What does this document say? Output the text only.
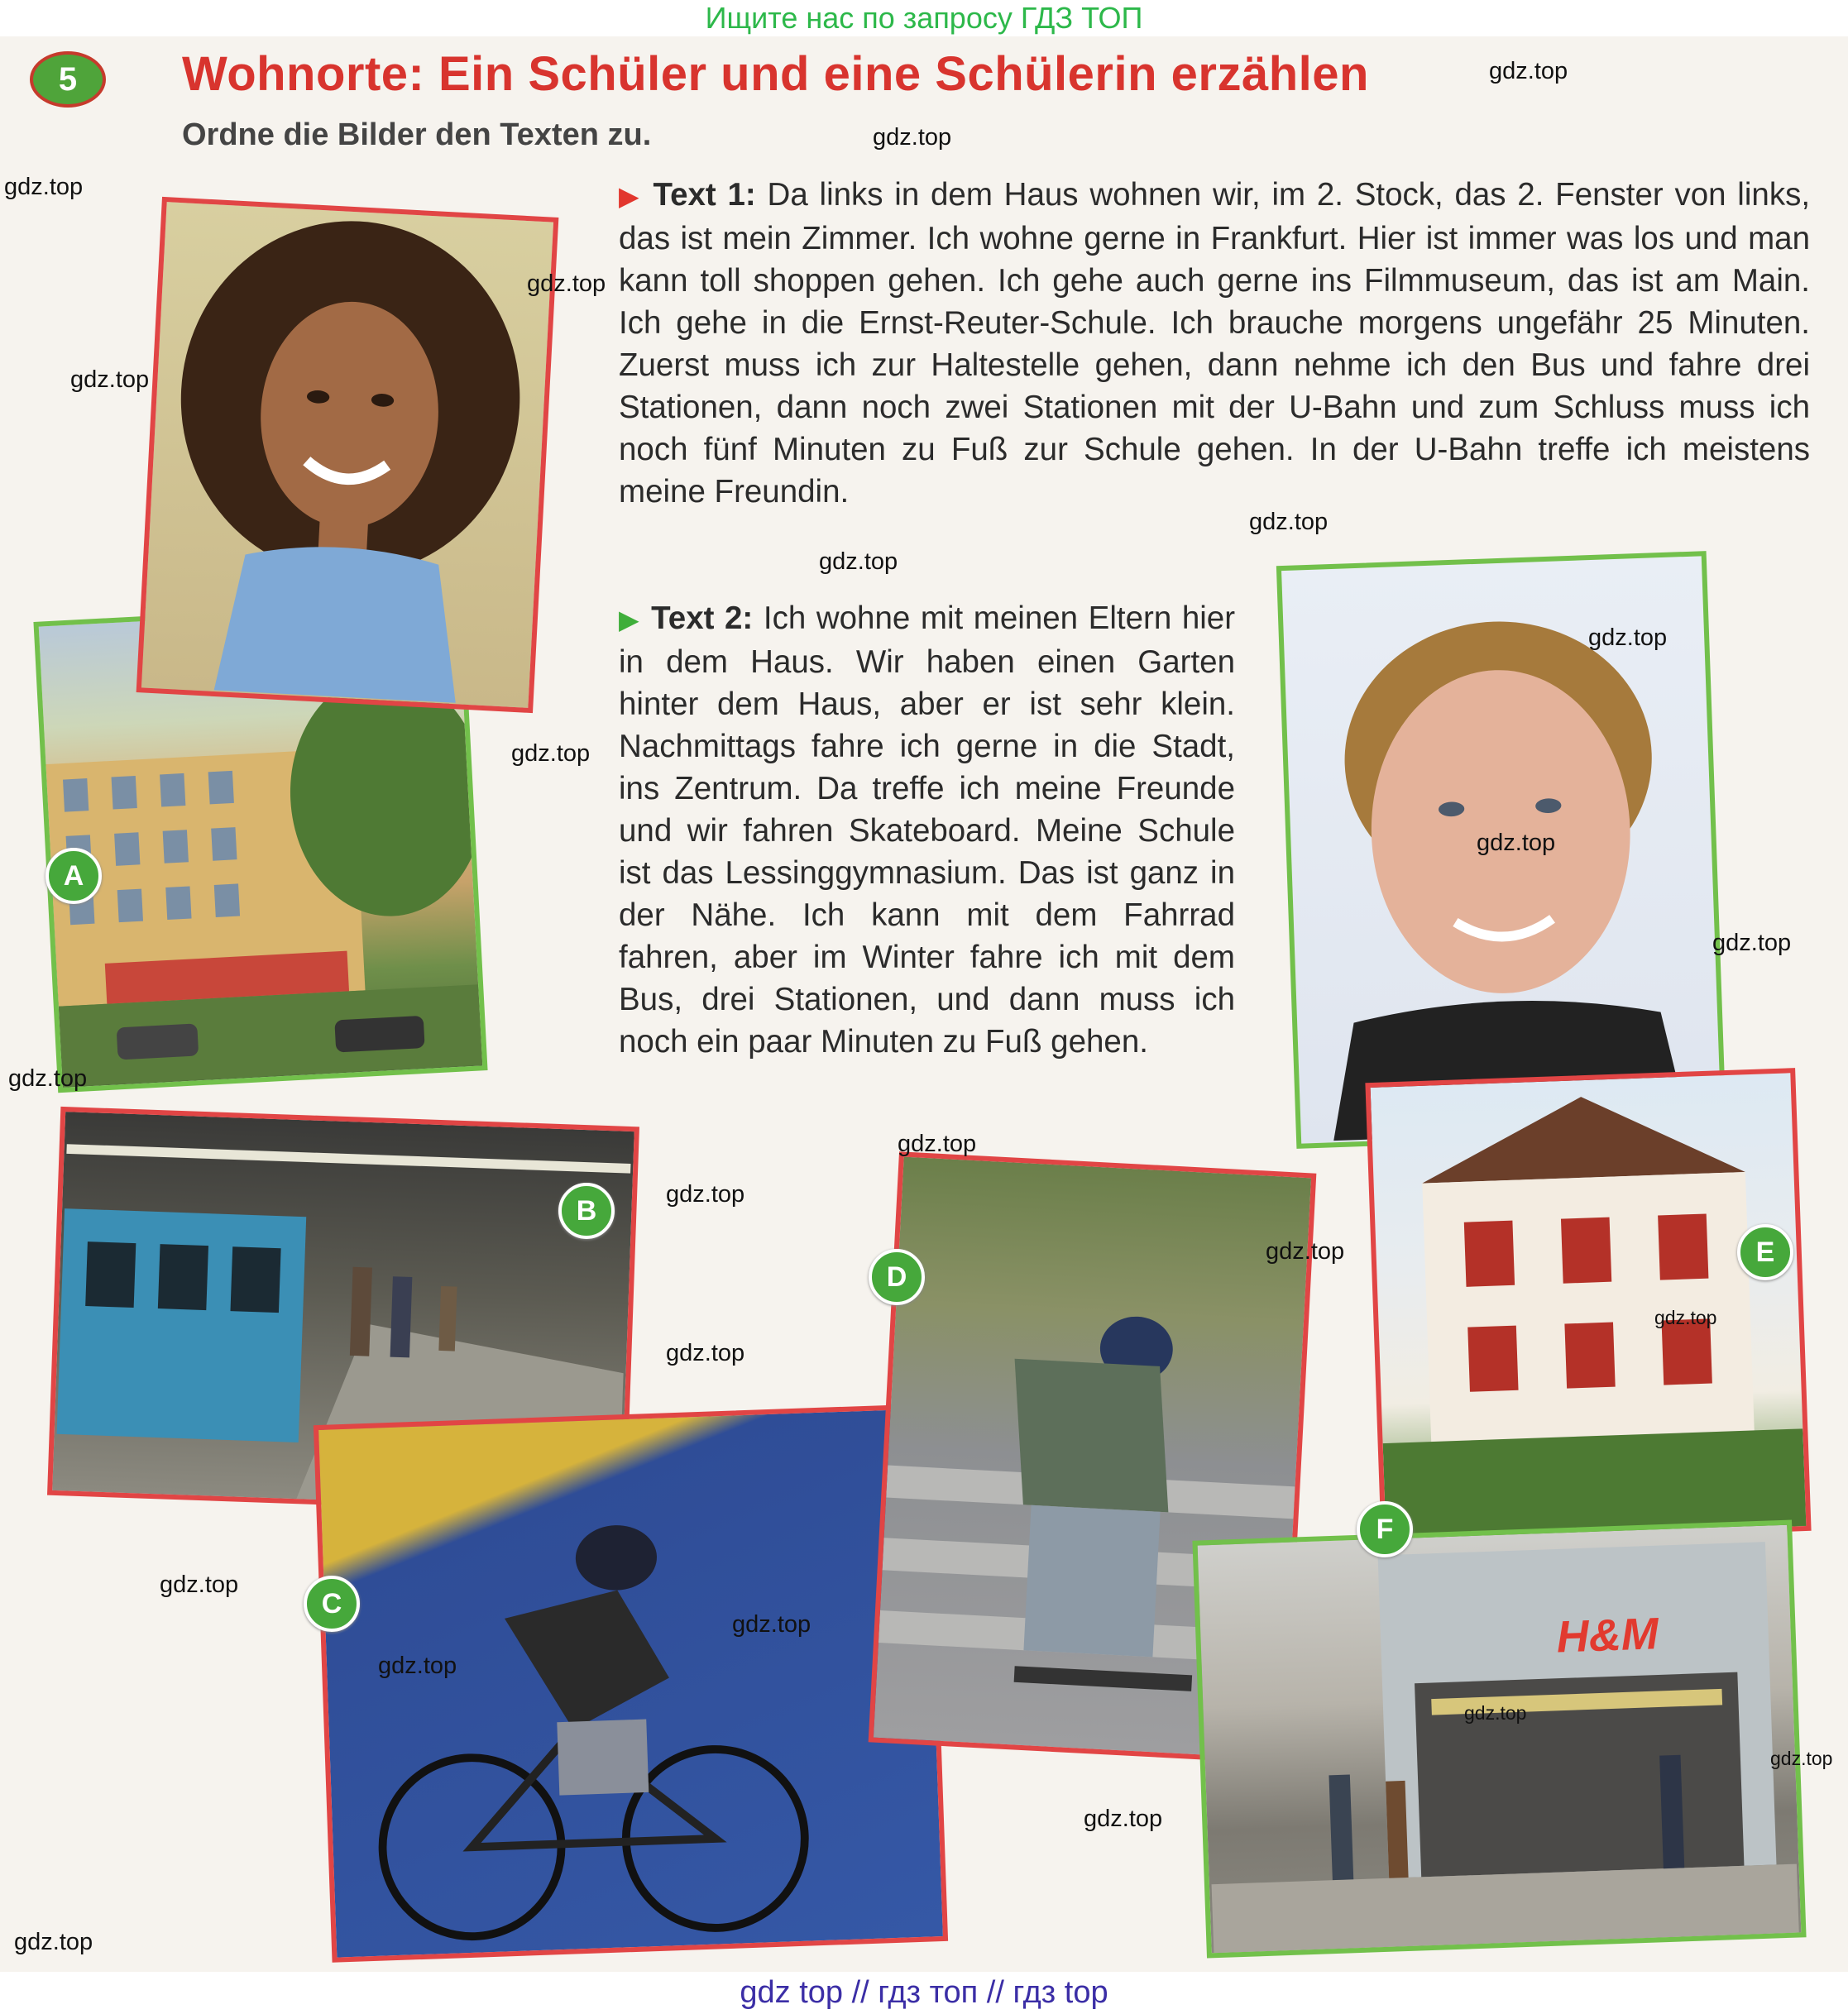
Ищите нас по запросу ГДЗ ТОП
5	Wohnorte: Ein Schüler und eine Schülerin erzählen
Ordne die Bilder den Texten zu.
▶ Text 1: Da links in dem Haus wohnen wir, im 2. Stock, das 2. Fenster von links, das ist mein Zimmer. Ich wohne gerne in Frankfurt. Hier ist immer was los und man kann toll shoppen gehen. Ich gehe auch gerne ins Filmmuseum, das ist am Main. Ich gehe in die Ernst-Reuter-Schule. Ich brauche morgens ungefähr 25 Minuten. Zuerst muss ich zur Haltestelle gehen, dann nehme ich den Bus und fahre drei Stationen, dann noch zwei Stationen mit der U-Bahn und zum Schluss muss ich noch fünf Minuten zu Fuß zur Schule gehen. In der U-Bahn treffe ich meistens meine Freundin.
▶ Text 2: Ich wohne mit meinen Eltern hier in dem Haus. Wir haben einen Garten hinter dem Haus, aber er ist sehr klein. Nachmittags fahre ich gerne in die Stadt, ins Zentrum. Da treffe ich meine Freunde und wir fahren Skateboard. Meine Schule ist das Lessinggymnasium. Das ist ganz in der Nähe. Ich kann mit dem Fahrrad fahren, aber im Winter fahre ich mit dem Bus, drei Stationen, und dann muss ich noch ein paar Minuten zu Fuß gehen.
A
B
C
D
E
H&M
F
gdz.top
gdz.top
gdz.top
gdz.top
gdz.top
gdz.top
gdz.top
gdz.top
gdz.top
gdz.top
gdz.top
gdz.top
gdz.top
gdz.top
gdz.top
gdz.top
gdz.top
gdz.top
gdz.top
gdz.top
gdz.top
gdz.top
gdz.top
gdz.top
gdz top // гдз топ // гдз top
